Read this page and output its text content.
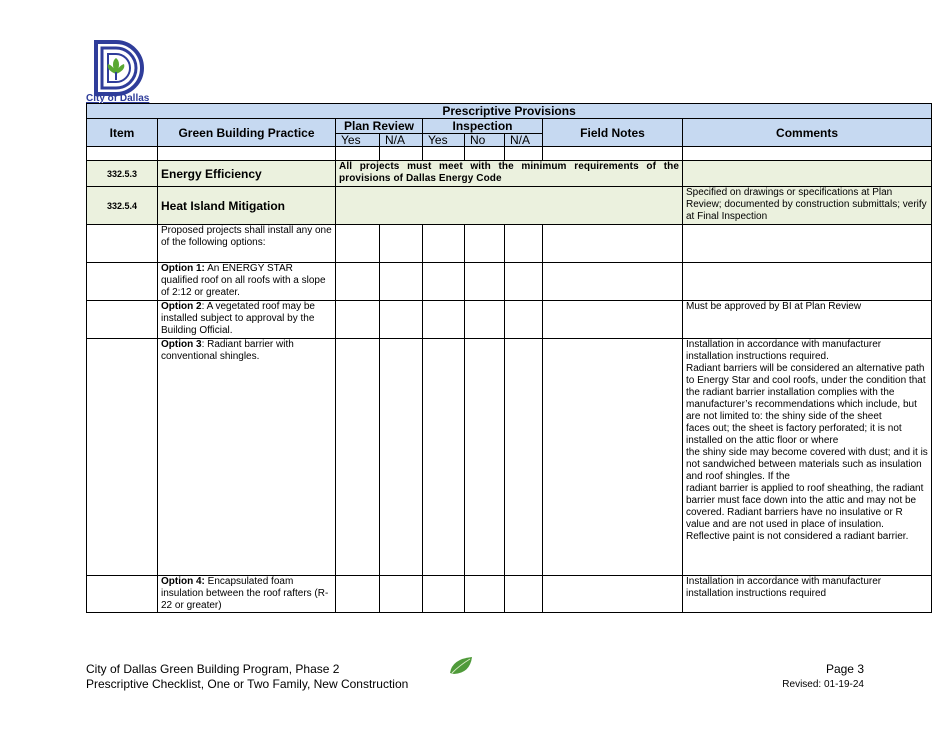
City of Dallas
Prescriptive Provisions								
Item	Green Building Practice	Plan Review		Inspection			Field Notes	Comments
		Yes	N/A	Yes	No	N/A		

332.5.3	Energy Efficiency	All projects must meet with the minimum requirements of the provisions of Dallas Energy Code						
332.5.4	Heat Island Mitigation							Specified on drawings or specifications at Plan Review; documented by construction submittals; verify at Final Inspection
	Proposed projects shall install any one of the following options:							
	Option 1: An ENERGY STAR qualified roof on all roofs with a slope of 2:12 or greater.							
	Option 2: A vegetated roof may be installed subject to approval by the Building Official.							Must be approved by BI at Plan Review
	Option 3: Radiant barrier with conventional shingles.							Installation in accordance with manufacturer installation instructions required.
Radiant barriers will be considered an alternative path to Energy Star and cool roofs, under the condition that the radiant barrier installation complies with the manufacturer’s recommendations which include, but are not limited to: the shiny side of the sheet
faces out; the sheet is factory perforated; it is not installed on the attic floor or where
the shiny side may become covered with dust; and it is not sandwiched between materials such as insulation and roof shingles. If the
radiant barrier is applied to roof sheathing, the radiant barrier must face down into the attic and may not be covered. Radiant barriers have no insulative or R value and are not used in place of insulation. Reflective paint is not considered a radiant barrier.
	Option 4: Encapsulated foam insulation between the roof rafters (R-22 or greater)							Installation in accordance with manufacturer installation instructions required
City of Dallas Green Building Program, Phase 2
Prescriptive Checklist, One or Two Family, New Construction
Page 3
Revised: 01-19-24
